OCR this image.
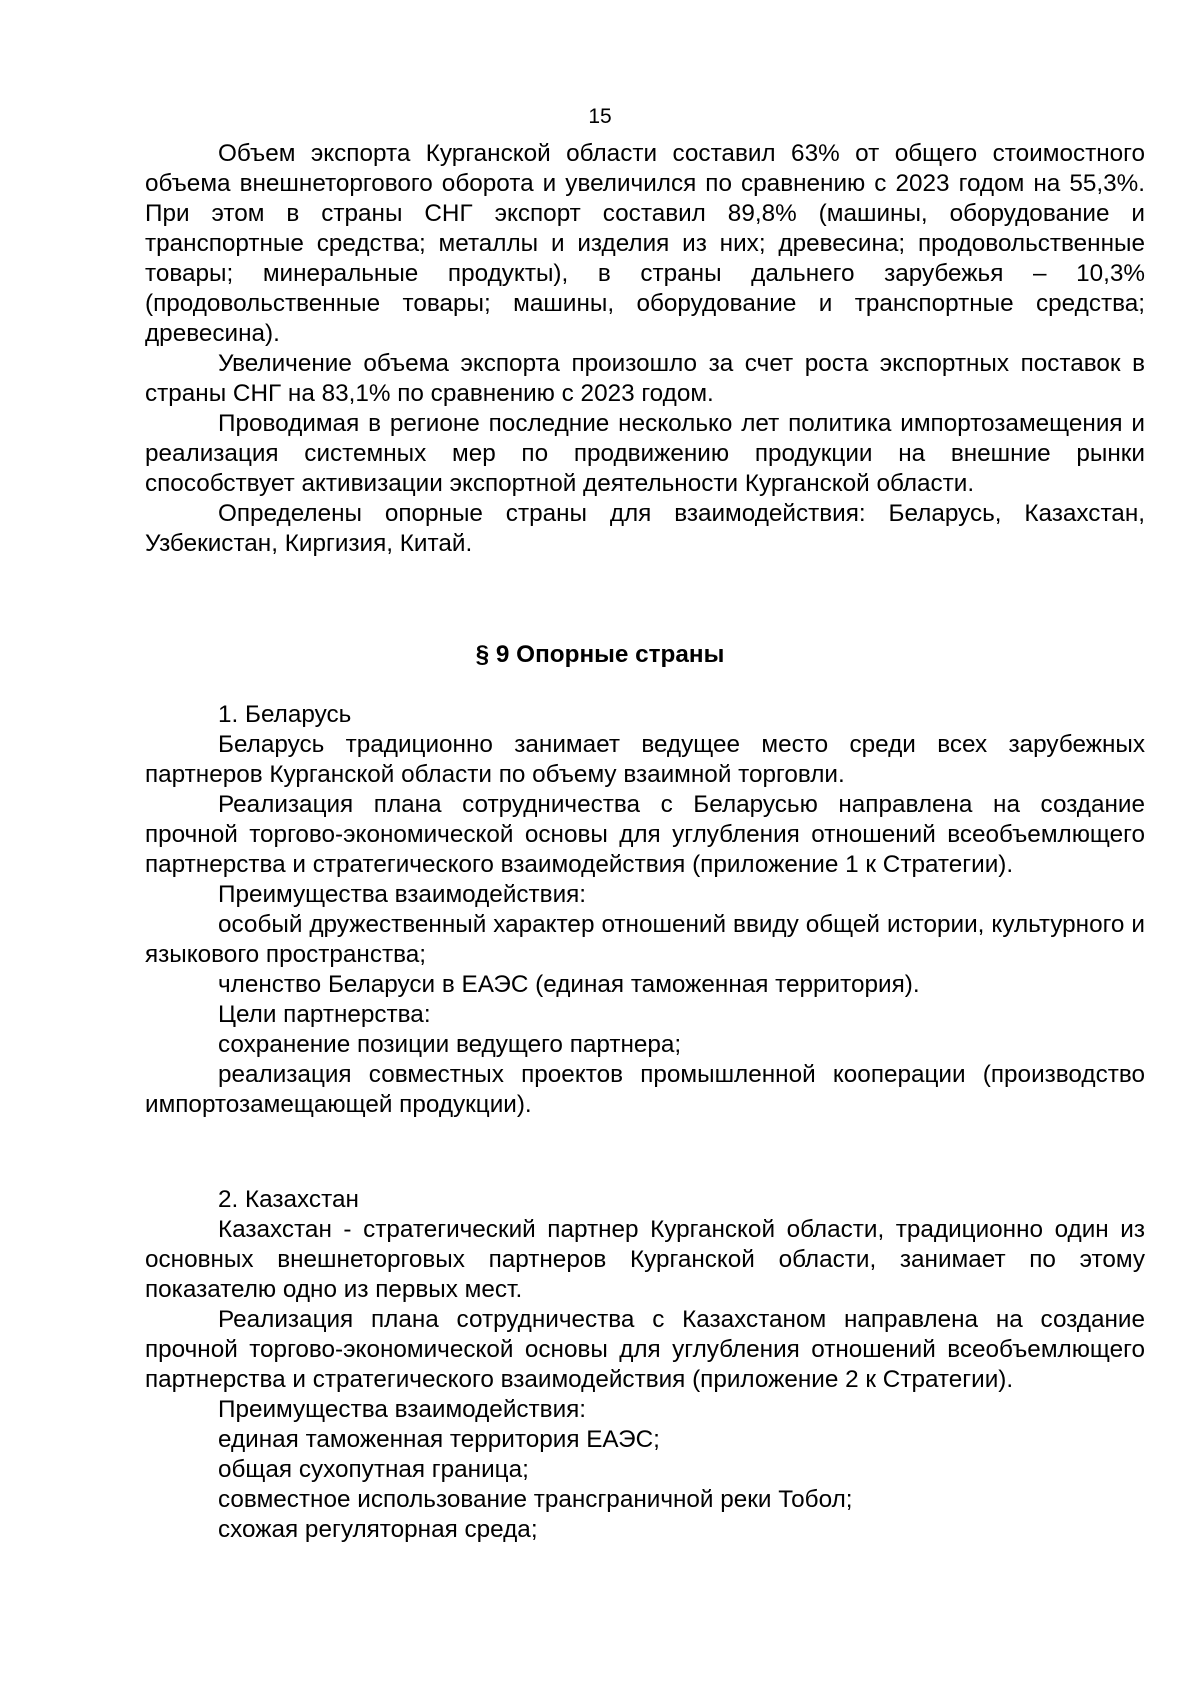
15

Объем экспорта Курганской области составил 63% от общего стоимостного объема внешнеторгового оборота и увеличился по сравнению с 2023 годом на 55,3%. При этом в страны СНГ экспорт составил 89,8% (машины, оборудование и транспортные средства; металлы и изделия из них; древесина; продовольственные товары; минеральные продукты), в страны дальнего зарубежья – 10,3% (продовольственные товары; машины, оборудование и транспортные средства; древесина).

Увеличение объема экспорта произошло за счет роста экспортных поставок в страны СНГ на 83,1% по сравнению с 2023 годом.

Проводимая в регионе последние несколько лет политика импортозамещения и реализация системных мер по продвижению продукции на внешние рынки способствует активизации экспортной деятельности Курганской области.

Определены опорные страны для взаимодействия: Беларусь, Казахстан, Узбекистан, Киргизия, Китай.

§ 9 Опорные страны

1. Беларусь

Беларусь традиционно занимает ведущее место среди всех зарубежных партнеров Курганской области по объему взаимной торговли.

Реализация плана сотрудничества с Беларусью направлена на создание прочной торгово-экономической основы для углубления отношений всеобъемлющего партнерства и стратегического взаимодействия (приложение 1 к Стратегии).

Преимущества взаимодействия:

особый дружественный характер отношений ввиду общей истории, культурного и языкового пространства;

членство Беларуси в ЕАЭС (единая таможенная территория).

Цели партнерства:

сохранение позиции ведущего партнера;

реализация совместных проектов промышленной кооперации (производство импортозамещающей продукции).

2. Казахстан

Казахстан - стратегический партнер Курганской области, традиционно один из основных внешнеторговых партнеров Курганской области, занимает по этому показателю одно из первых мест.

Реализация плана сотрудничества с Казахстаном направлена на создание прочной торгово-экономической основы для углубления отношений всеобъемлющего партнерства и стратегического взаимодействия (приложение 2 к Стратегии).

Преимущества взаимодействия:

единая таможенная территория ЕАЭС;

общая сухопутная граница;

совместное использование трансграничной реки Тобол;

схожая регуляторная среда;
